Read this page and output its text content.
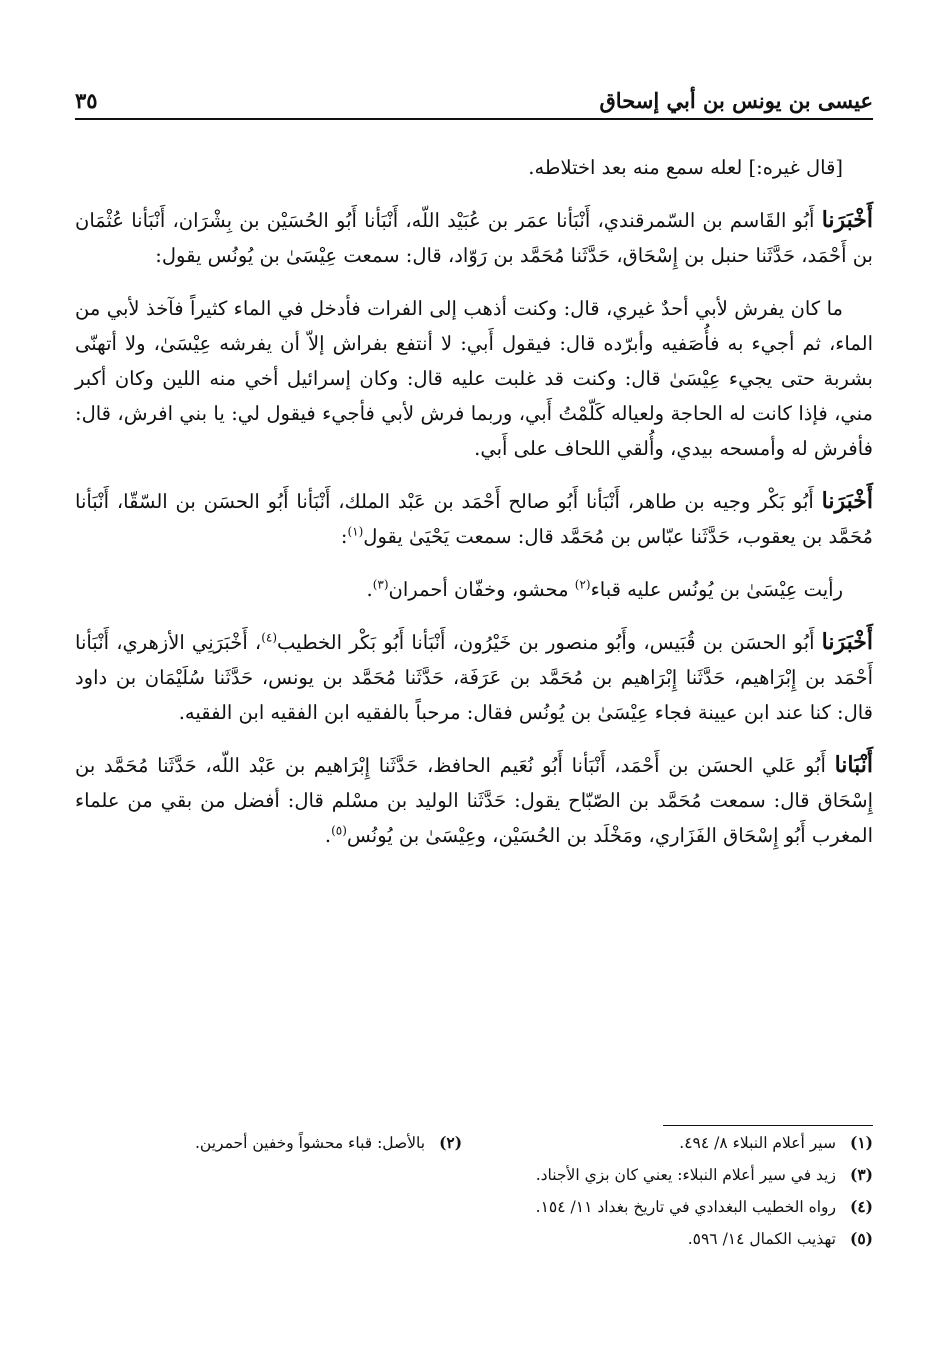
عيسى بن يونس بن أبي إسحاق
٣٥

[قال غيره:] لعله سمع منه بعد اختلاطه.

أَخْبَرَنا أَبُو القَاسم بن السّمرقندي، أَنْبَأنا عمَر بن عُبَيْد اللّه، أَنْبَأنا أَبُو الحُسَيْن بن بِشْرَان، أَنْبَأنا عُثْمَان بن أَحْمَد، حَدَّثَنا حنبل بن إِسْحَاق، حَدَّثَنا مُحَمَّد بن رَوّاد، قال: سمعت عِيْسَىٰ بن يُونُس يقول:

ما كان يفرش لأبي أحدٌ غيري، قال: وكنت أذهب إلى الفرات فأدخل في الماء كثيراً فآخذ لأبي من الماء، ثم أجيء به فأُصَفيه وأبرّده قال: فيقول أَبي: لا أنتفع بفراش إلاّ أن يفرشه عِيْسَىٰ، ولا أتهنّى بشربة حتى يجيء عِيْسَىٰ قال: وكنت قد غلبت عليه قال: وكان إسرائيل أخي منه اللين وكان أكبر مني، فإذا كانت له الحاجة ولعياله كَلّمْتُ أَبي، وربما فرش لأبي فأجيء فيقول لي: يا بني افرش، قال: فأفرش له وأمسحه بيدي، وأُلقي اللحاف على أَبي.

أَخْبَرَنا أَبُو بَكْر وجيه بن طاهر، أَنْبَأنا أَبُو صالح أَحْمَد بن عَبْد الملك، أَنْبَأنا أَبُو الحسَن بن السّقّا، أَنْبَأنا مُحَمَّد بن يعقوب، حَدَّثَنا عبّاس بن مُحَمَّد قال: سمعت يَحْيَىٰ يقول$^{(١)}$:

رأيت عِيْسَىٰ بن يُونُس عليه قباء$^{(٢)}$ محشو، وخفّان أحمران$^{(٣)}$.

أَخْبَرَنا أَبُو الحسَن بن قُبَيس، وأَبُو منصور بن خَيْرُون، أَنْبَأنا أَبُو بَكْر الخطيب$^{(٤)}$، أَخْبَرَنِي الأزهري، أَنْبَأنا أَحْمَد بن إِبْرَاهيم، حَدَّثَنا إِبْرَاهيم بن مُحَمَّد بن عَرَفَة، حَدَّثَنا مُحَمَّد بن يونس، حَدَّثَنا سُلَيْمَان بن داود قال: كنا عند ابن عيينة فجاء عِيْسَىٰ بن يُونُس فقال: مرحباً بالفقيه ابن الفقيه ابن الفقيه.

أَنْبَانا أَبُو عَلي الحسَن بن أَحْمَد، أَنْبَأنا أَبُو نُعَيم الحافظ، حَدَّثَنا إِبْرَاهيم بن عَبْد اللّه، حَدَّثَنا مُحَمَّد بن إِسْحَاق قال: سمعت مُحَمَّد بن الصّبّاح يقول: حَدَّثَنا الوليد بن مسْلم قال: أفضل من بقي من علماء المغرب أَبُو إِسْحَاق الفَزَاري، ومَخْلَد بن الحُسَيْن، وعِيْسَىٰ بن يُونُس$^{(٥)}$.

(١)سير أعلام النبلاء ٨/ ٤٩٤.

(٢)بالأصل: قباء محشواً وخفين أحمرين.

(٣)زيد في سير أعلام النبلاء: يعني كان بزي الأجناد.

(٤)رواه الخطيب البغدادي في تاريخ بغداد ١١/ ١٥٤.

(٥)تهذيب الكمال ١٤/ ٥٩٦.
